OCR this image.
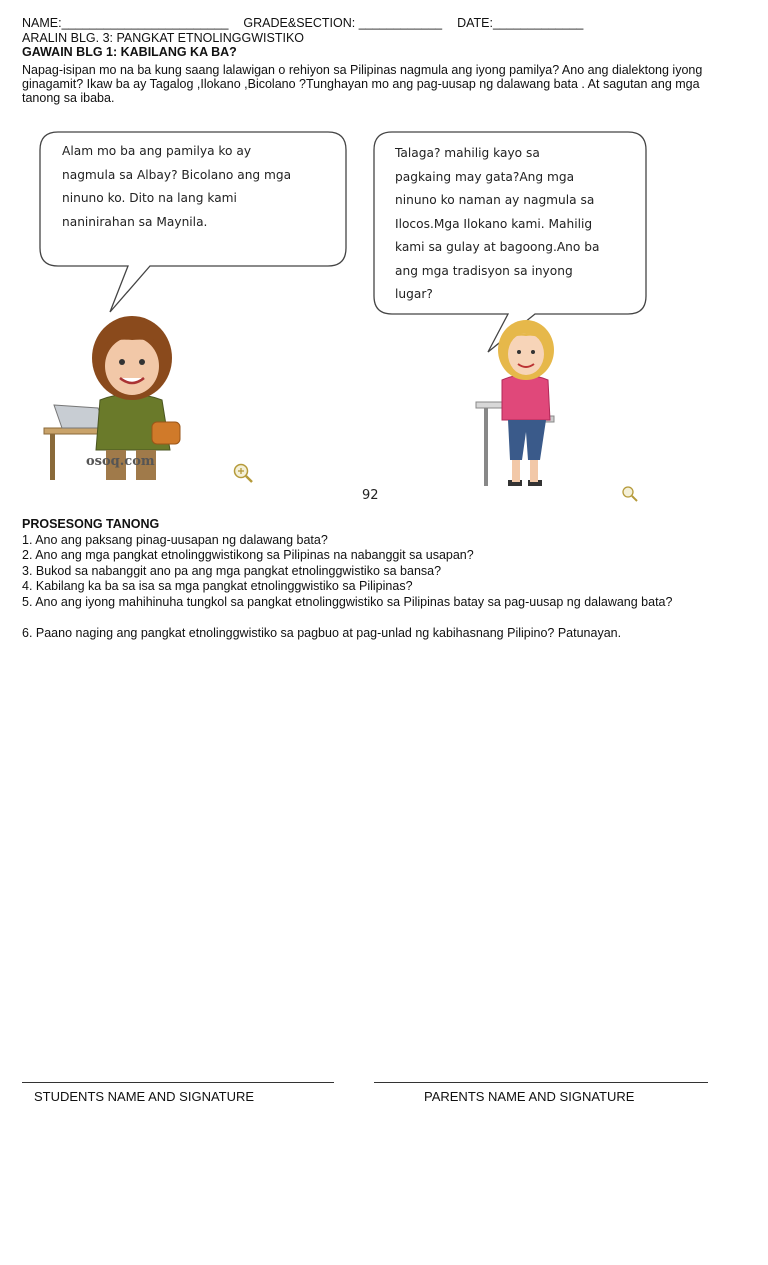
NAME:________________________ GRADE&SECTION: ____________ DATE:_____________
ARALIN BLG. 3: PANGKAT ETNOLINGGWISTIKO
GAWAIN BLG 1: KABILANG KA BA?
Napag-isipan mo na ba kung saang lalawigan o rehiyon sa Pilipinas nagmula ang iyong pamilya? Ano ang dialektong iyong ginagamit? Ikaw ba ay Tagalog ,Ilokano ,Bicolano ?Tunghayan mo ang pag-uusap ng dalawang bata . At sagutan ang mga tanong sa ibaba.
Alam mo ba ang pamilya ko ay
nagmula sa Albay? Bicolano ang mga
ninuno ko. Dito na lang kami
naninirahan sa Maynila.
Talaga? mahilig kayo sa
pagkaing may gata?Ang mga
ninuno ko naman ay nagmula sa
Ilocos.Mga Ilokano kami. Mahilig
kami sa gulay at bagoong.Ano ba
ang mga tradisyon sa inyong
lugar?
osoq.com
92
PROSESONG TANONG
1. Ano ang paksang pinag-uusapan ng dalawang bata?
2. Ano ang mga pangkat etnolinggwistikong sa Pilipinas na nabanggit sa usapan?
3. Bukod sa nabanggit ano pa ang mga pangkat etnolinggwistiko sa bansa?
4. Kabilang ka ba sa isa sa mga pangkat etnolinggwistiko sa Pilipinas?
5. Ano ang iyong mahihinuha tungkol sa pangkat etnolinggwistiko sa Pilipinas batay sa pag-uusap ng dalawang bata?
6. Paano naging ang pangkat etnolinggwistiko sa pagbuo at pag-unlad ng kabihasnang Pilipino? Patunayan.
STUDENTS NAME AND SIGNATURE	PARENTS NAME AND SIGNATURE
